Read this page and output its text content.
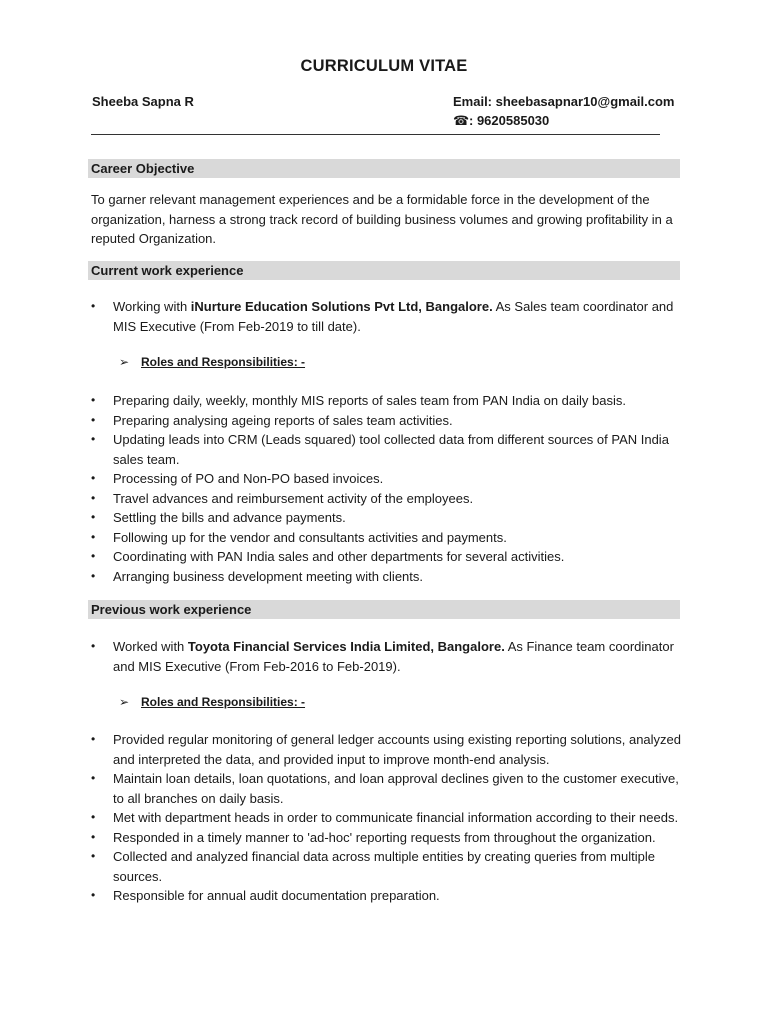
CURRICULUM VITAE
Sheeba Sapna R	Email: sheebasapnar10@gmail.com
☎: 9620585030
Career Objective
To garner relevant management experiences and be a formidable force in the development of the organization, harness a strong track record of building business volumes and growing profitability in a reputed Organization.
Current work experience
• Working with iNurture Education Solutions Pvt Ltd, Bangalore. As Sales team coordinator and MIS Executive (From Feb-2019 to till date).
➢ Roles and Responsibilities: -
• Preparing daily, weekly, monthly MIS reports of sales team from PAN India on daily basis.
• Preparing analysing ageing reports of sales team activities.
• Updating leads into CRM (Leads squared) tool collected data from different sources of PAN India sales team.
• Processing of PO and Non-PO based invoices.
• Travel advances and reimbursement activity of the employees.
• Settling the bills and advance payments.
• Following up for the vendor and consultants activities and payments.
• Coordinating with PAN India sales and other departments for several activities.
• Arranging business development meeting with clients.
Previous work experience
• Worked with Toyota Financial Services India Limited, Bangalore. As Finance team coordinator and MIS Executive (From Feb-2016 to Feb-2019).
➢ Roles and Responsibilities: -
• Provided regular monitoring of general ledger accounts using existing reporting solutions, analyzed and interpreted the data, and provided input to improve month-end analysis.
• Maintain loan details, loan quotations, and loan approval declines given to the customer executive, to all branches on daily basis.
• Met with department heads in order to communicate financial information according to their needs.
• Responded in a timely manner to 'ad-hoc' reporting requests from throughout the organization.
• Collected and analyzed financial data across multiple entities by creating queries from multiple sources.
• Responsible for annual audit documentation preparation.
